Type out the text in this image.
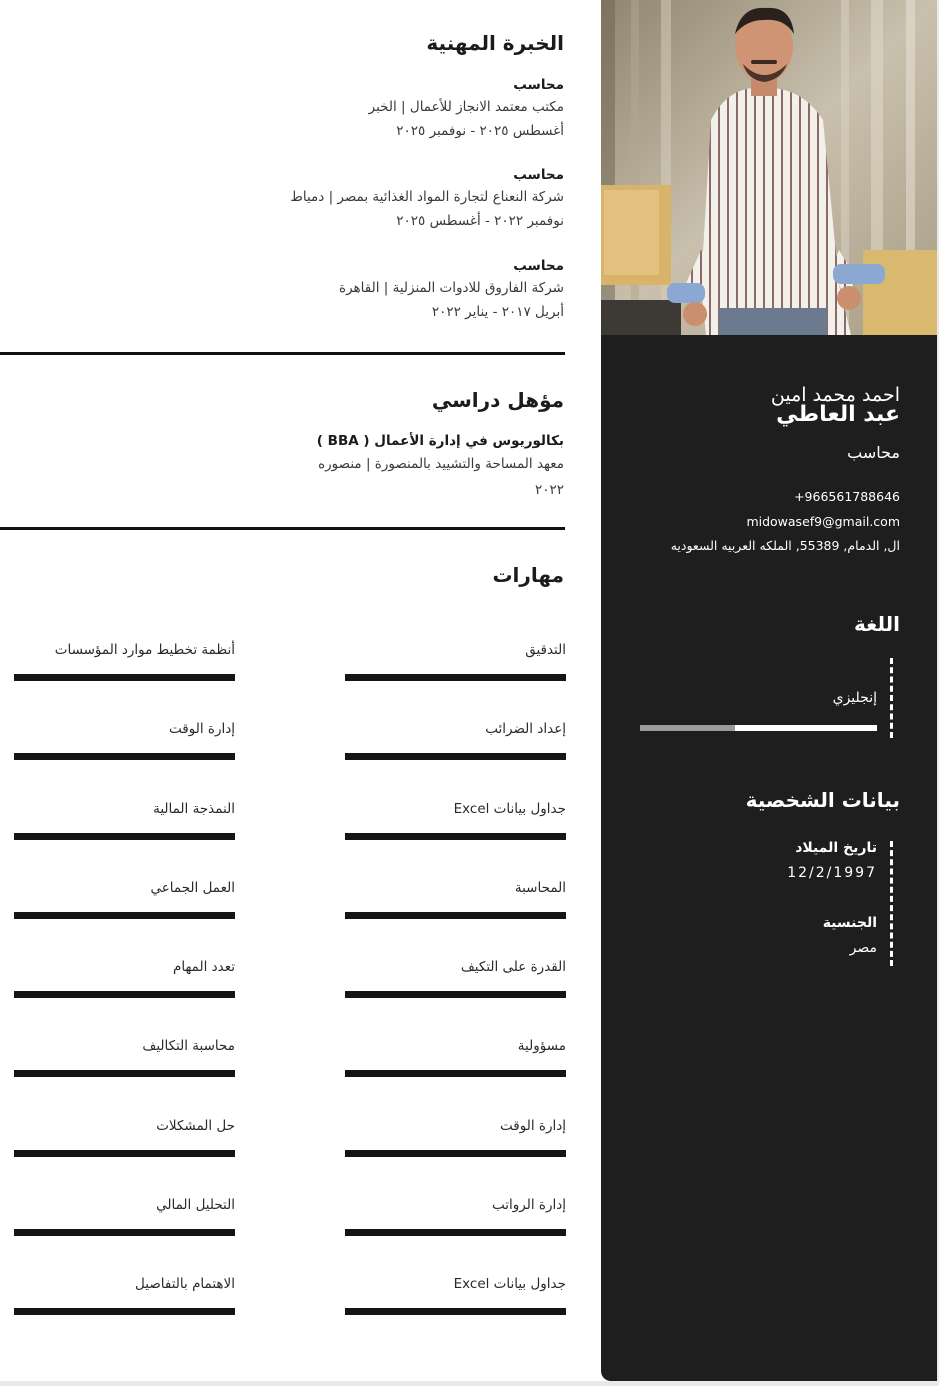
احمد محمد امين
عبد العاطي
محاسب
+966561788646
midowasef9@gmail.com
ال, الدمام, 55389, الملكه العربيه السعوديه
اللغة
إنجليزي
بيانات الشخصية
تاريخ الميلاد
12/2/1997
الجنسية
مصر
الخبرة المهنية
محاسب
مكتب معتمد الانجاز للأعمال | الخبر
أغسطس ٢٠٢٥ - نوفمبر ٢٠٢٥
محاسب
شركة النعناع لتجارة المواد الغذائية بمصر | دمياط
نوفمبر ٢٠٢٢ - أغسطس ٢٠٢٥
محاسب
شركة الفاروق للادوات المنزلية | القاهرة
أبريل ٢٠١٧ - يناير ٢٠٢٢
مؤهل دراسي
بكالوريوس في إدارة الأعمال ( BBA )
معهد المساحة والتشييد بالمنصورة | منصوره
٢٠٢٢
مهارات
التدقيق
أنظمة تخطيط موارد المؤسسات
إعداد الضرائب
إدارة الوقت
جداول بيانات Excel
النمذجة المالية
المحاسبة
العمل الجماعي
القدرة على التكيف
تعدد المهام
مسؤولية
محاسبة التكاليف
إدارة الوقت
حل المشكلات
إدارة الرواتب
التحليل المالي
جداول بيانات Excel
الاهتمام بالتفاصيل
